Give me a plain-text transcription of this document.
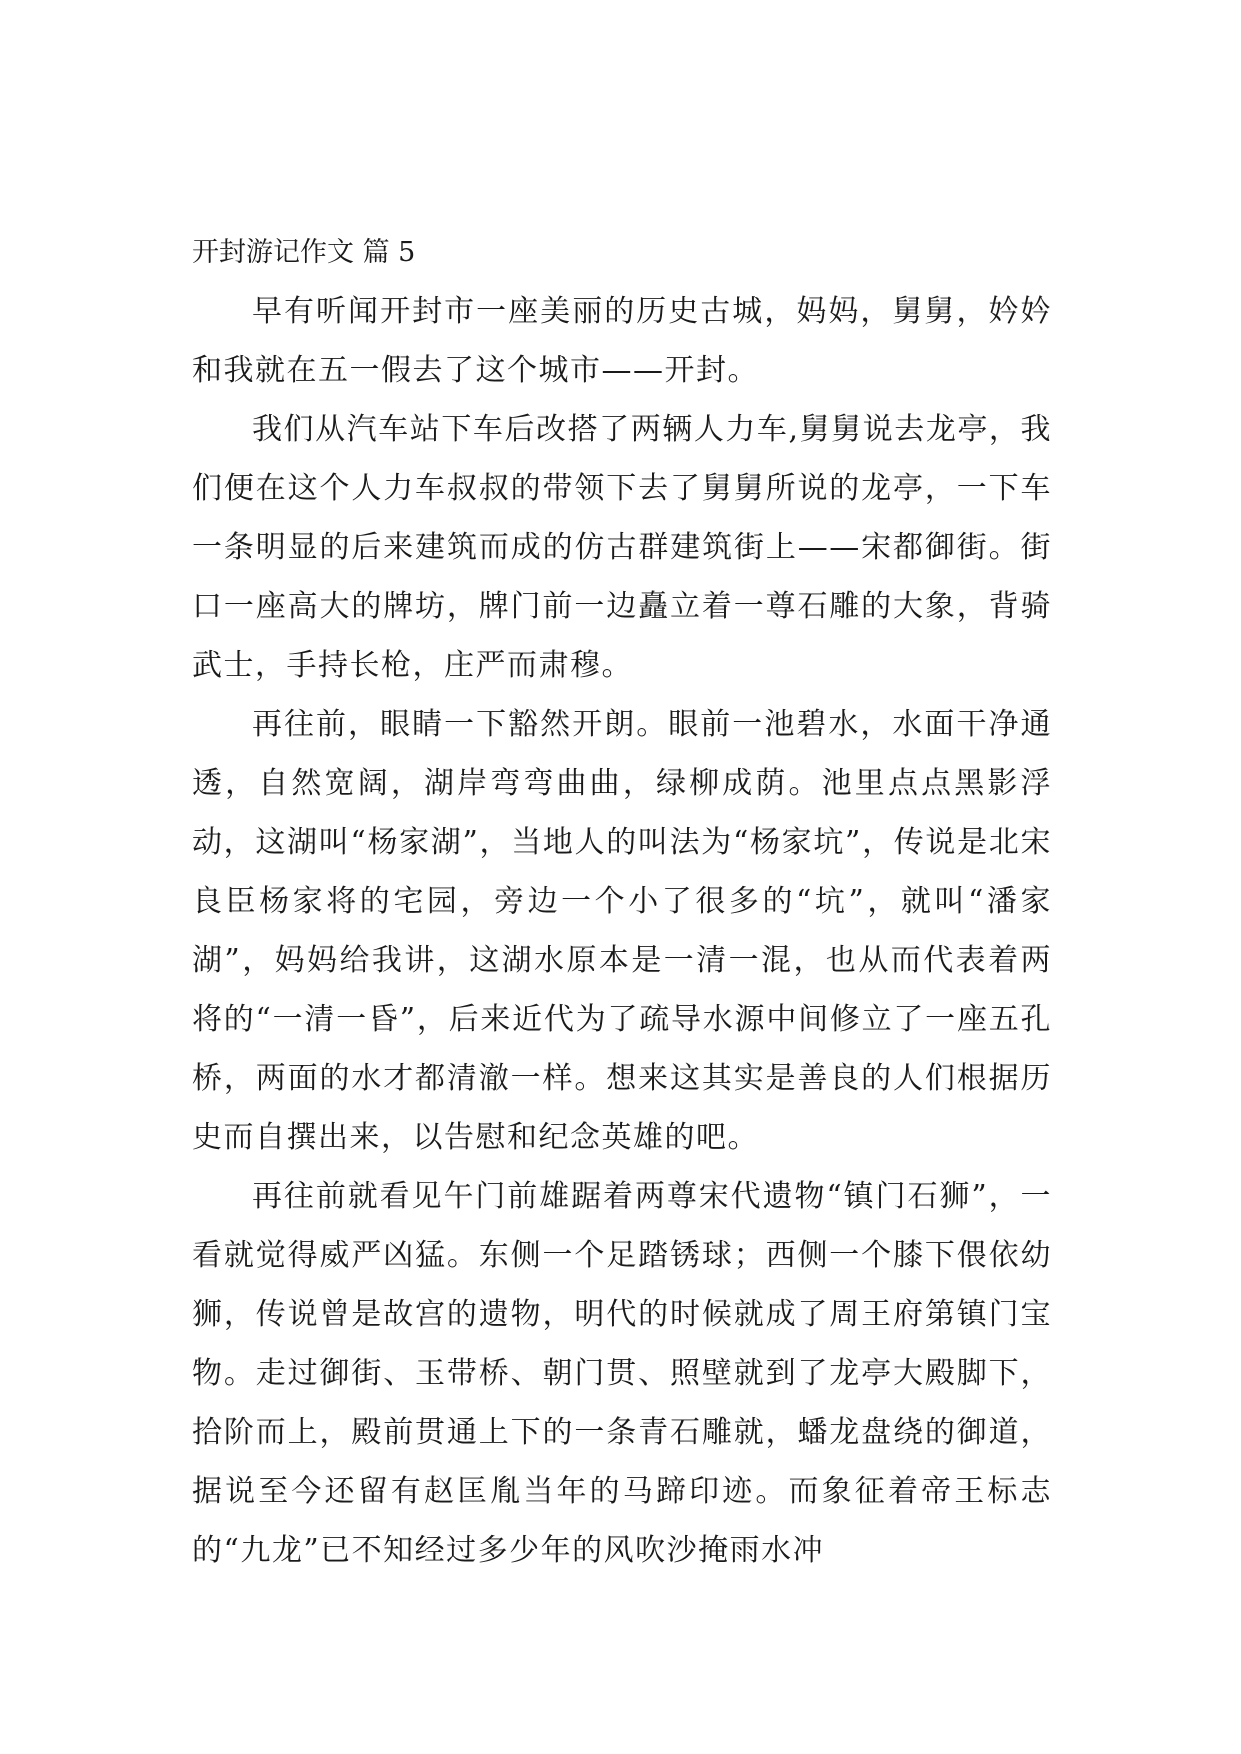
开封游记作文 篇 5

早有听闻开封市一座美丽的历史古城，妈妈，舅舅，妗妗和我就在五一假去了这个城市——开封。

我们从汽车站下车后改搭了两辆人力车,舅舅说去龙亭，我们便在这个人力车叔叔的带领下去了舅舅所说的龙亭，一下车一条明显的后来建筑而成的仿古群建筑街上——宋都御街。街口一座高大的牌坊，牌门前一边矗立着一尊石雕的大象，背骑武士，手持长枪，庄严而肃穆。

再往前，眼睛一下豁然开朗。眼前一池碧水，水面干净通透，自然宽阔，湖岸弯弯曲曲，绿柳成荫。池里点点黑影浮动，这湖叫“杨家湖”，当地人的叫法为“杨家坑”，传说是北宋良臣杨家将的宅园，旁边一个小了很多的“坑”，就叫“潘家湖”，妈妈给我讲，这湖水原本是一清一混，也从而代表着两将的“一清一昏”，后来近代为了疏导水源中间修立了一座五孔桥，两面的水才都清澈一样。想来这其实是善良的人们根据历史而自撰出来，以告慰和纪念英雄的吧。

再往前就看见午门前雄踞着两尊宋代遗物“镇门石狮”，一看就觉得威严凶猛。东侧一个足踏锈球；西侧一个膝下偎依幼狮，传说曾是故宫的遗物，明代的时候就成了周王府第镇门宝物。走过御街、玉带桥、朝门贯、照壁就到了龙亭大殿脚下，拾阶而上，殿前贯通上下的一条青石雕就，蟠龙盘绕的御道，据说至今还留有赵匡胤当年的马蹄印迹。而象征着帝王标志的“九龙”已不知经过多少年的风吹沙掩雨水冲
